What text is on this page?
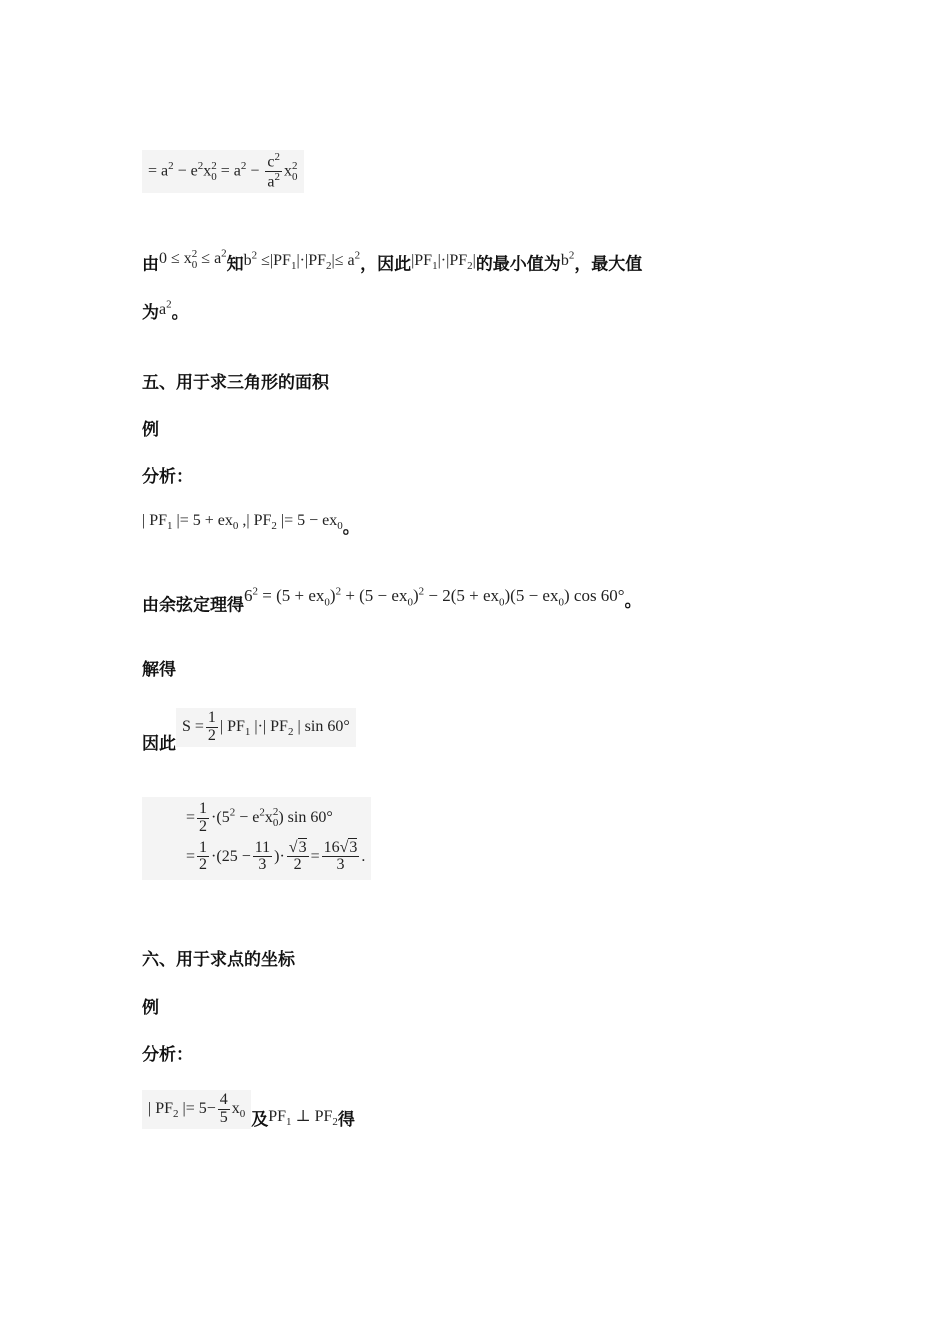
= $a^2 - e^2x$ 2
$0 = a^2 - \frac{c^2}{a^2}$ x 2
0
由0 ≤ x 2
$0 \le a^2$知$b^2 \le|PF_1|\cdot|PF_2|\le a^2$，因此$|PF_1|\cdot|PF_2|$的最小值为$b^2$，最大值
为$a^2$。
五、用于求三角形的面积
例
分析：
| $PF_1$ |= $5 + ex_0$ ,| $PF_2$ |= $5 - ex_0$。
由余弦定理得$6^2 = (5 + ex_0)^2 + (5 - ex_0)^2 - 2(5 + ex_0)(5 - ex_0)$ cos 60°。
解得
因此$S = \frac{1}{2}$ | $PF_1$ |·| $PF_2$ | sin 60°
= $\frac{1}{2} \cdot(5^2 - e^2x$ 2
0 ) sin 60°
= $\frac{1}{2} \cdot(25 - \frac{11}{3}$ )· $\frac{√3}{2} = \frac{16√3}{3}$ .
六、用于求点的坐标
例
分析：
| $PF_2$ |= $5- \frac{4}{5} x_0$ 及$PF_1$ ⊥ $PF_2$得
